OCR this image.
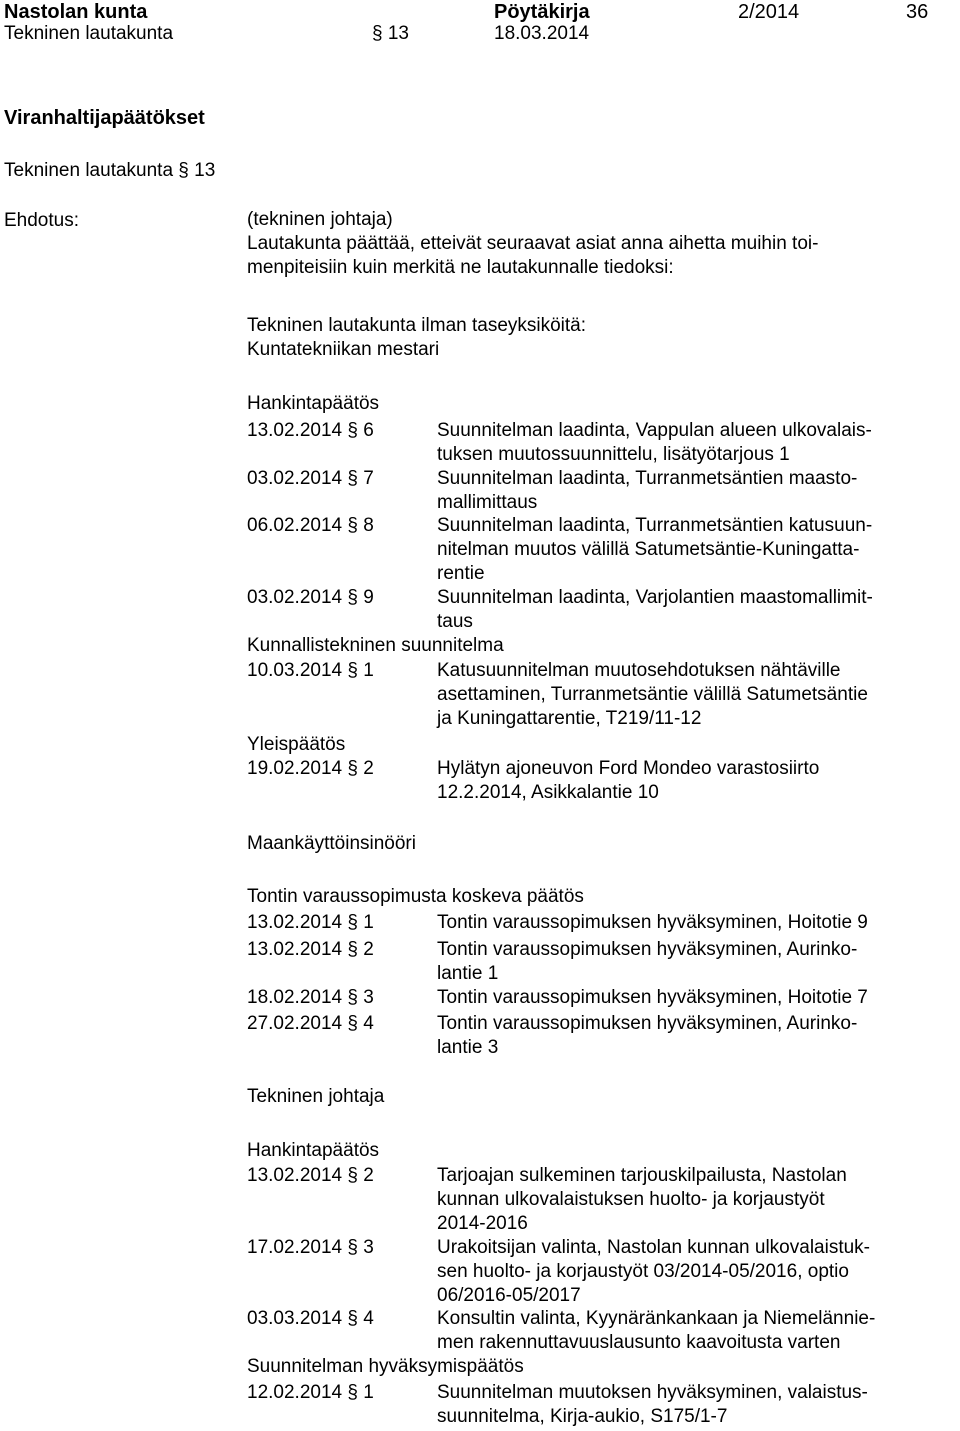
Nastolan kunta	Pöytäkirja	2/2014	36
Tekninen lautakunta	§ 13	18.03.2014
Viranhaltijapäätökset
Tekninen lautakunta § 13
Ehdotus:	(tekninen johtaja)
Lautakunta päättää, etteivät seuraavat asiat anna aihetta muihin toi-
menpiteisiin kuin merkitä ne lautakunnalle tiedoksi:
Tekninen lautakunta ilman taseyksiköitä:
Kuntatekniikan mestari
Hankintapäätös
13.02.2014 § 6	Suunnitelman laadinta, Vappulan alueen ulkovalais-
tuksen muutossuunnittelu, lisätyötarjous 1
03.02.2014 § 7	Suunnitelman laadinta, Turranmetsäntien maasto-
mallimittaus
06.02.2014 § 8	Suunnitelman laadinta, Turranmetsäntien katusuun-
nitelman muutos välillä Satumetsäntie-Kuningatta-
rentie
03.02.2014 § 9	Suunnitelman laadinta, Varjolantien maastomallimit-
taus
Kunnallistekninen suunnitelma
10.03.2014 § 1	Katusuunnitelman muutosehdotuksen nähtäville
asettaminen, Turranmetsäntie välillä Satumetsäntie
ja Kuningattarentie, T219/11-12
Yleispäätös
19.02.2014 § 2	Hylätyn ajoneuvon Ford Mondeo varastosiirto
12.2.2014, Asikkalantie 10
Maankäyttöinsinööri
Tontin varaussopimusta koskeva päätös
13.02.2014 § 1	Tontin varaussopimuksen hyväksyminen, Hoitotie 9
13.02.2014 § 2	Tontin varaussopimuksen hyväksyminen, Aurinko-
lantie 1
18.02.2014 § 3	Tontin varaussopimuksen hyväksyminen, Hoitotie 7
27.02.2014 § 4	Tontin varaussopimuksen hyväksyminen, Aurinko-
lantie 3
Tekninen johtaja
Hankintapäätös
13.02.2014 § 2	Tarjoajan sulkeminen tarjouskilpailusta, Nastolan
kunnan ulkovalaistuksen huolto- ja korjaustyöt
2014-2016
17.02.2014 § 3	Urakoitsijan valinta, Nastolan kunnan ulkovalaistuk-
sen huolto- ja korjaustyöt 03/2014-05/2016, optio
06/2016-05/2017
03.03.2014 § 4	Konsultin valinta, Kyynäränkankaan ja Niemelännie-
men rakennuttavuuslausunto kaavoitusta varten
Suunnitelman hyväksymispäätös
12.02.2014 § 1	Suunnitelman muutoksen hyväksyminen, valaistus-
suunnitelma, Kirja-aukio, S175/1-7
